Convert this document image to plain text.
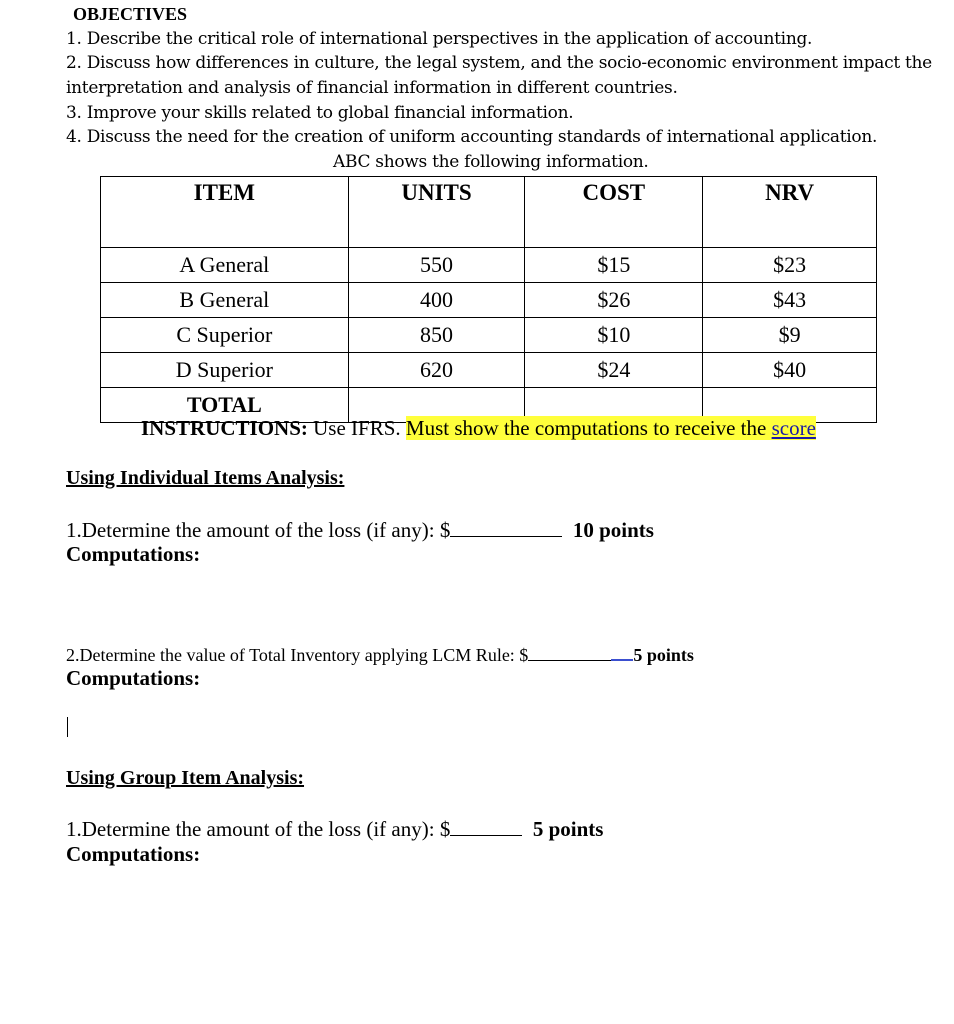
OBJECTIVES
1. Describe the critical role of international perspectives in the application of accounting.
2. Discuss how differences in culture, the legal system, and the socio-economic environment impact the
interpretation and analysis of financial information in different countries.
3. Improve your skills related to global financial information.
4. Discuss the need for the creation of uniform accounting standards of international application.
ABC shows the following information.
ITEM	UNITS	COST	NRV
A General	550	$15	$23
B General	400	$26	$43
C Superior	850	$10	$9
D Superior	620	$24	$40
TOTAL			
INSTRUCTIONS: Use IFRS. Must show the computations to receive the score
Using Individual Items Analysis:
1.Determine the amount of the loss (if any): $	10 points
Computations:
2.Determine the value of Total Inventory applying LCM Rule: $	5 points
Computations:
Using Group Item Analysis:
1.Determine the amount of the loss (if any): $	5 points
Computations:
